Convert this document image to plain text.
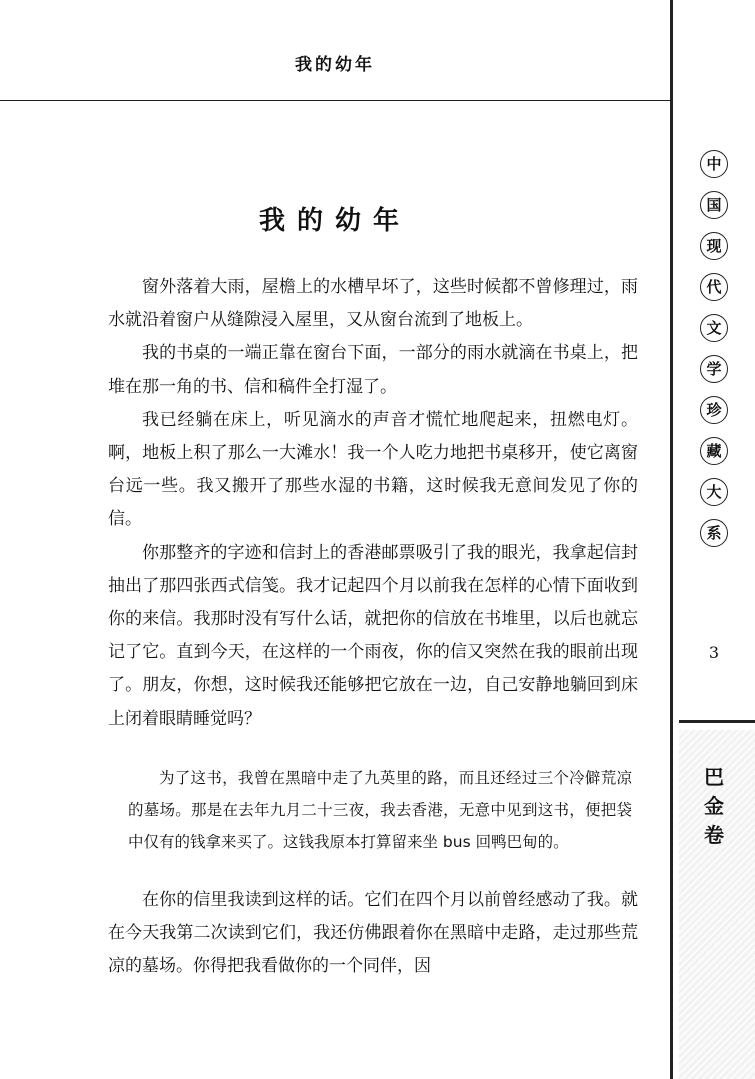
我的幼年
我的幼年

窗外落着大雨，屋檐上的水槽早坏了，这些时候都不曾修理过，雨水就沿着窗户从缝隙浸入屋里，又从窗台流到了地板上。

我的书桌的一端正靠在窗台下面，一部分的雨水就滴在书桌上，把堆在那一角的书、信和稿件全打湿了。

我已经躺在床上，听见滴水的声音才慌忙地爬起来，扭燃电灯。啊，地板上积了那么一大滩水！我一个人吃力地把书桌移开，使它离窗台远一些。我又搬开了那些水湿的书籍，这时候我无意间发见了你的信。

你那整齐的字迹和信封上的香港邮票吸引了我的眼光，我拿起信封抽出了那四张西式信笺。我才记起四个月以前我在怎样的心情下面收到你的来信。我那时没有写什么话，就把你的信放在书堆里，以后也就忘记了它。直到今天，在这样的一个雨夜，你的信又突然在我的眼前出现了。朋友，你想，这时候我还能够把它放在一边，自己安静地躺回到床上闭着眼睛睡觉吗？

为了这书，我曾在黑暗中走了九英里的路，而且还经过三个冷僻荒凉的墓场。那是在去年九月二十三夜，我去香港，无意中见到这书，便把袋中仅有的钱拿来买了。这钱我原本打算留来坐 bus 回鸭巴甸的。

在你的信里我读到这样的话。它们在四个月以前曾经感动了我。就在今天我第二次读到它们，我还仿佛跟着你在黑暗中走路，走过那些荒凉的墓场。你得把我看做你的一个同伴，因

中
国
现
代
文
学
珍
藏
大
系
3
巴
金
卷
